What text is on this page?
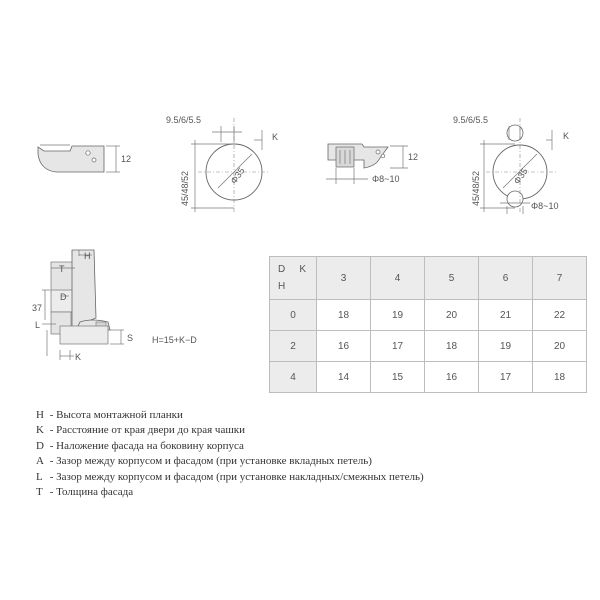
12
Φ35
9.5/6/5.5
K
45/48/52
12
Φ8~10	Φ35
9.5/6/5.5
K
45/48/52	Φ8~10
H
T
D
37
L
K
S H=15+K−D
D K
H	3	4	5	6	7
0	18	19	20	21	22
2	16	17	18	19	20
4	14	15	16	17	18
H - Высота монтажной планки
K - Расстояние от края двери до края чашки
D - Наложение фасада на боковину корпуса
A - Зазор между корпусом и фасадом (при установке вкладных петель)
L - Зазор между корпусом и фасадом (при установке накладных/смежных петель)
T - Толщина фасада
